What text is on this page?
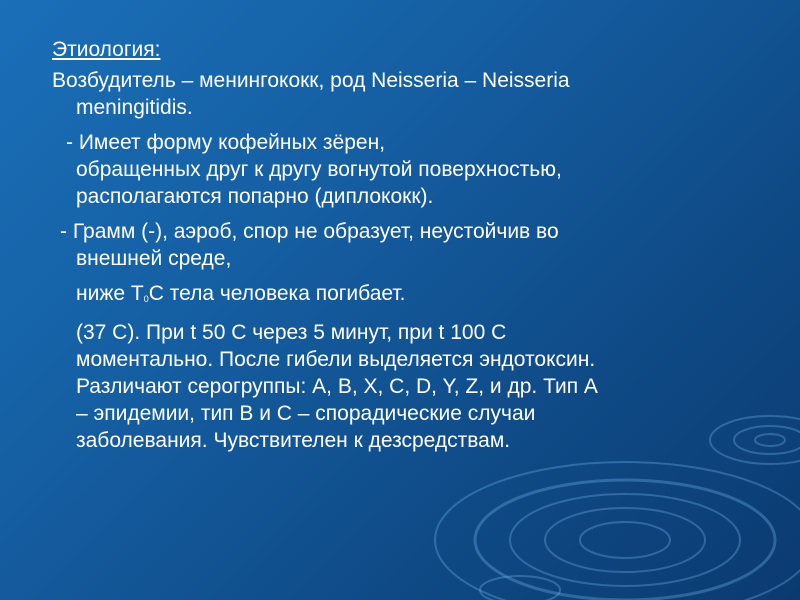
Этиология:
Возбудитель – менингококк, род Neisseria – Neisseria
meningitidis.
- Имеет форму кофейных зёрен,
обращенных друг к другу вогнутой поверхностью,
располагаются попарно (диплококк).
- Грамм (-), аэроб, спор не образует, неустойчив во
внешней среде,
ниже Т0С тела человека погибает.
(37 С). При t 50 С через 5 минут, при t 100 С
моментально. После гибели выделяется эндотоксин.
Различают серогруппы: А, В, Х, С, D, Y, Z, и др. Тип А
– эпидемии, тип В и С – спорадические случаи
заболевания. Чувствителен к дезсредствам.
